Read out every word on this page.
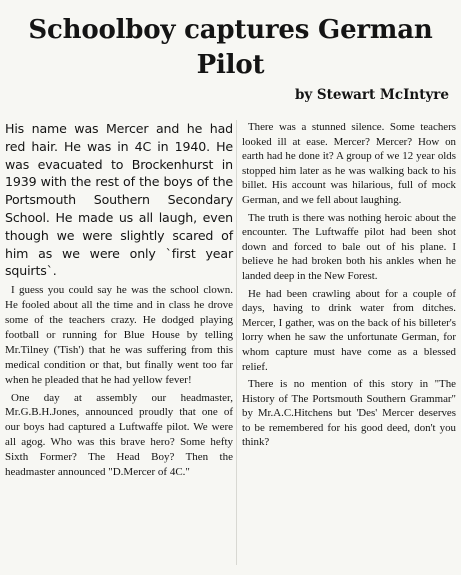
Schoolboy captures German Pilot
by Stewart McIntyre

His name was Mercer and he had red hair. He was in 4C in 1940. He was evacuated to Brockenhurst in 1939 with the rest of the boys of the Portsmouth Southern Secondary School. He made us all laugh, even though we were slightly scared of him as we were only `first year squirts`.

I guess you could say he was the school clown. He fooled about all the time and in class he drove some of the teachers crazy. He dodged playing football or running for Blue House by telling Mr.Tilney ('Tish') that he was suffering from this medical condition or that, but finally went too far when he pleaded that he had yellow fever!

One day at assembly our headmaster, Mr.G.B.H.Jones, announced proudly that one of our boys had captured a Luftwaffe pilot. We were all agog. Who was this brave hero? Some hefty Sixth Former? The Head Boy? Then the headmaster announced "D.Mercer of 4C."

There was a stunned silence. Some teachers looked ill at ease. Mercer? Mercer? How on earth had he done it? A group of we 12 year olds stopped him later as he was walking back to his billet. His account was hilarious, full of mock German, and we fell about laughing.

The truth is there was nothing heroic about the encounter. The Luftwaffe pilot had been shot down and forced to bale out of his plane. I believe he had broken both his ankles when he landed deep in the New Forest.

He had been crawling about for a couple of days, having to drink water from ditches. Mercer, I gather, was on the back of his billeter's lorry when he saw the unfortunate German, for whom capture must have come as a blessed relief.

There is no mention of this story in "The History of The Portsmouth Southern Grammar" by Mr.A.C.Hitchens but 'Des' Mercer deserves to be remembered for his good deed, don't you think?
